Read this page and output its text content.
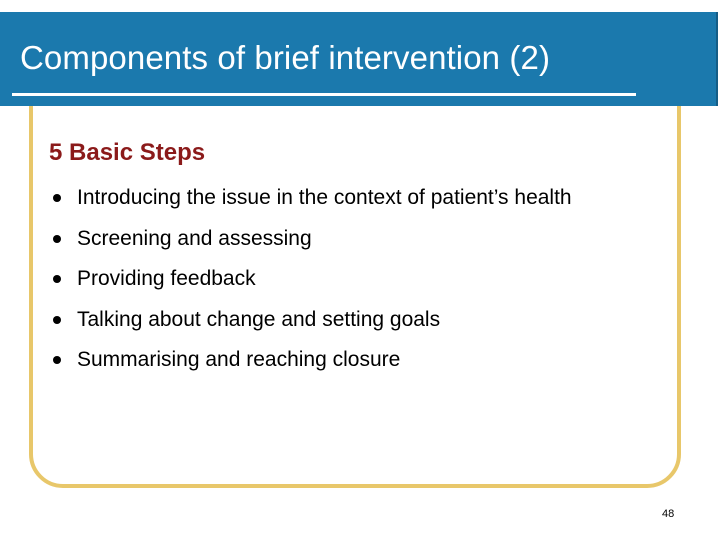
Components of brief intervention (2)
5 Basic Steps
Introducing the issue in the context of patient’s health
Screening and assessing
Providing feedback
Talking about change and setting goals
Summarising and reaching closure
48
